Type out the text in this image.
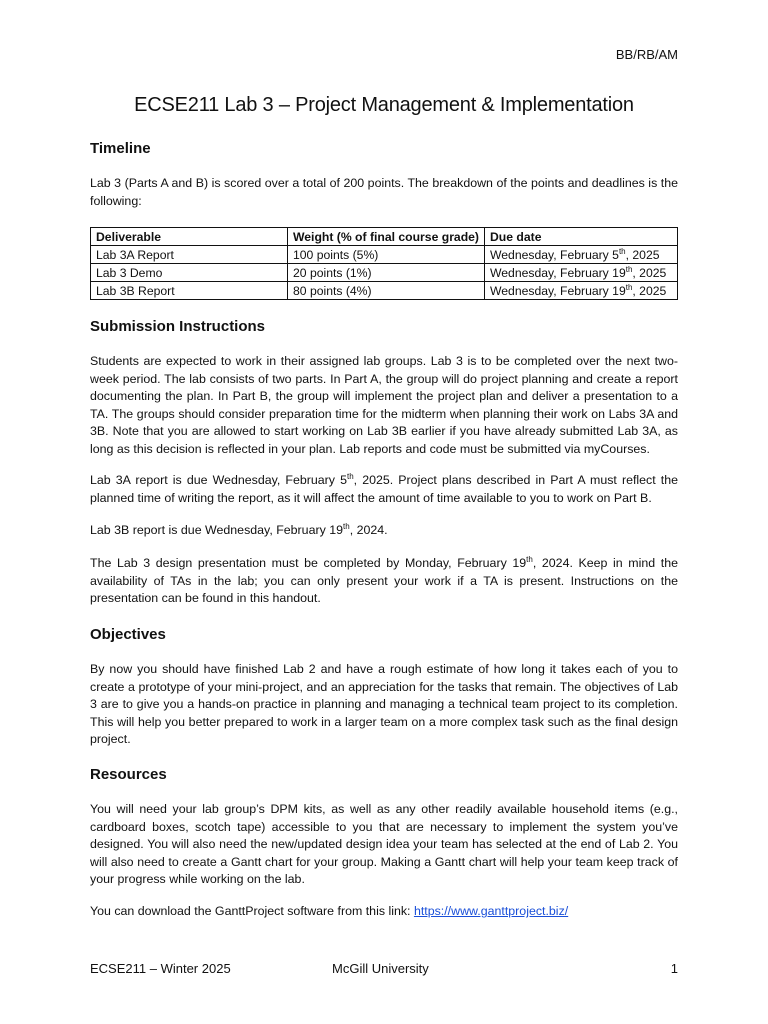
BB/RB/AM
ECSE211 Lab 3 – Project Management & Implementation
Timeline

Lab 3 (Parts A and B) is scored over a total of 200 points. The breakdown of the points and deadlines is the following:

Deliverable	Weight (% of final course grade)	Due date
Lab 3A Report	100 points (5%)	Wednesday, February 5th, 2025
Lab 3 Demo	20 points (1%)	Wednesday, February 19th, 2025
Lab 3B Report	80 points (4%)	Wednesday, February 19th, 2025
Submission Instructions

Students are expected to work in their assigned lab groups. Lab 3 is to be completed over the next two-week period. The lab consists of two parts. In Part A, the group will do project planning and create a report documenting the plan. In Part B, the group will implement the project plan and deliver a presentation to a TA. The groups should consider preparation time for the midterm when planning their work on Labs 3A and 3B. Note that you are allowed to start working on Lab 3B earlier if you have already submitted Lab 3A, as long as this decision is reflected in your plan. Lab reports and code must be submitted via myCourses.

Lab 3A report is due Wednesday, February 5th, 2025. Project plans described in Part A must reflect the planned time of writing the report, as it will affect the amount of time available to you to work on Part B.

Lab 3B report is due Wednesday, February 19th, 2024.

The Lab 3 design presentation must be completed by Monday, February 19th, 2024. Keep in mind the availability of TAs in the lab; you can only present your work if a TA is present. Instructions on the presentation can be found in this handout.

Objectives

By now you should have finished Lab 2 and have a rough estimate of how long it takes each of you to create a prototype of your mini-project, and an appreciation for the tasks that remain. The objectives of Lab 3 are to give you a hands-on practice in planning and managing a technical team project to its completion. This will help you better prepared to work in a larger team on a more complex task such as the final design project.

Resources

You will need your lab group’s DPM kits, as well as any other readily available household items (e.g., cardboard boxes, scotch tape) accessible to you that are necessary to implement the system you’ve designed. You will also need the new/updated design idea your team has selected at the end of Lab 2. You will also need to create a Gantt chart for your group. Making a Gantt chart will help your team keep track of your progress while working on the lab.

You can download the GanttProject software from this link: https://www.ganttproject.biz/

ECSE211 – Winter 2025	McGill University	1
